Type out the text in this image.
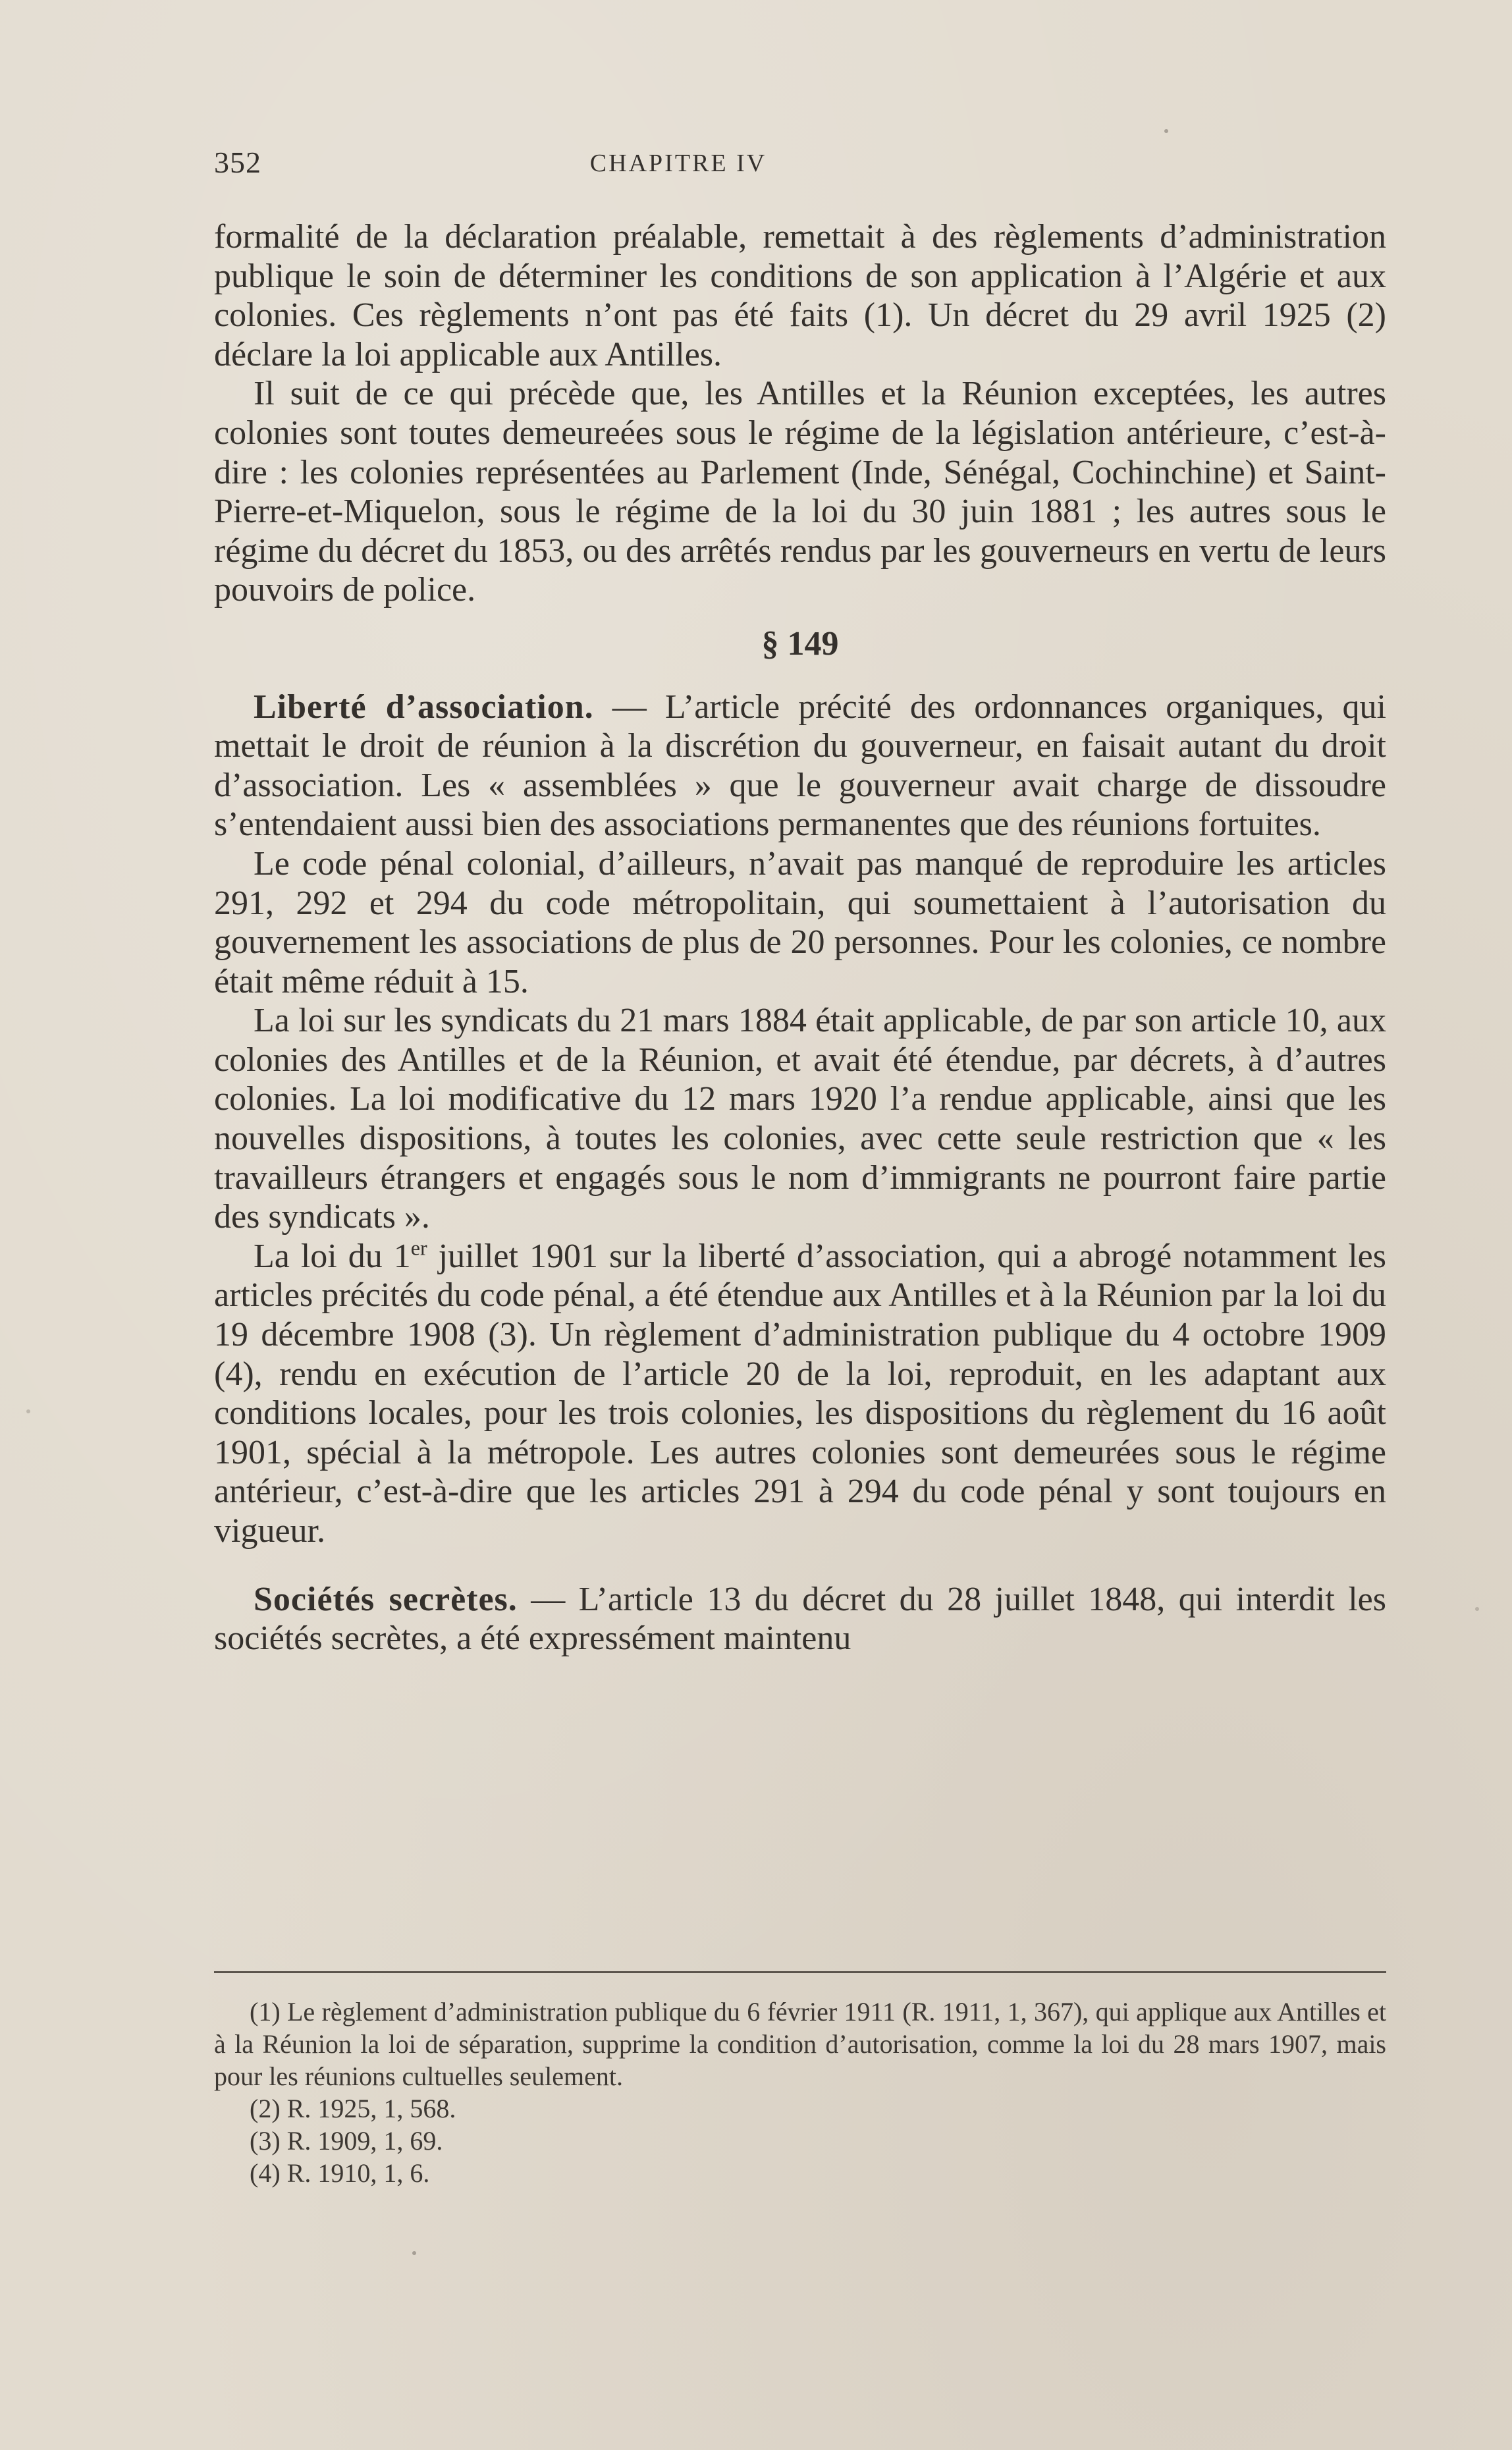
352	CHAPITRE IV

formalité de la déclaration préalable, remettait à des règlements d’administration publique le soin de déterminer les conditions de son application à l’Algérie et aux colonies. Ces règlements n’ont pas été faits (1). Un décret du 29 avril 1925 (2) déclare la loi applicable aux Antilles.

Il suit de ce qui précède que, les Antilles et la Réunion exceptées, les autres colonies sont toutes demeureées sous le régime de la législation antérieure, c’est-à-dire : les colonies représentées au Parlement (Inde, Sénégal, Cochinchine) et Saint-Pierre-et-Miquelon, sous le régime de la loi du 30 juin 1881 ; les autres sous le régime du décret du 1853, ou des arrêtés rendus par les gouverneurs en vertu de leurs pouvoirs de police.

§ 149

Liberté d’association. — L’article précité des ordonnances organiques, qui mettait le droit de réunion à la discrétion du gouverneur, en faisait autant du droit d’association. Les « assemblées » que le gouverneur avait charge de dissoudre s’entendaient aussi bien des associations permanentes que des réunions fortuites.

Le code pénal colonial, d’ailleurs, n’avait pas manqué de reproduire les articles 291, 292 et 294 du code métropolitain, qui soumettaient à l’autorisation du gouvernement les associations de plus de 20 personnes. Pour les colonies, ce nombre était même réduit à 15.

La loi sur les syndicats du 21 mars 1884 était applicable, de par son article 10, aux colonies des Antilles et de la Réunion, et avait été étendue, par décrets, à d’autres colonies. La loi modificative du 12 mars 1920 l’a rendue applicable, ainsi que les nouvelles dispositions, à toutes les colonies, avec cette seule restriction que « les travailleurs étrangers et engagés sous le nom d’immigrants ne pourront faire partie des syndicats ».

La loi du 1er juillet 1901 sur la liberté d’association, qui a abrogé notamment les articles précités du code pénal, a été étendue aux Antilles et à la Réunion par la loi du 19 décembre 1908 (3). Un règlement d’administration publique du 4 octobre 1909 (4), rendu en exécution de l’article 20 de la loi, reproduit, en les adaptant aux conditions locales, pour les trois colonies, les dispositions du règlement du 16 août 1901, spécial à la métropole. Les autres colonies sont demeurées sous le régime antérieur, c’est-à-dire que les articles 291 à 294 du code pénal y sont toujours en vigueur.

Sociétés secrètes. — L’article 13 du décret du 28 juillet 1848, qui interdit les sociétés secrètes, a été expressément maintenu

(1) Le règlement d’administration publique du 6 février 1911 (R. 1911, 1, 367), qui applique aux Antilles et à la Réunion la loi de séparation, supprime la condition d’autorisation, comme la loi du 28 mars 1907, mais pour les réunions cultuelles seulement.

(2) R. 1925, 1, 568.

(3) R. 1909, 1, 69.

(4) R. 1910, 1, 6.
